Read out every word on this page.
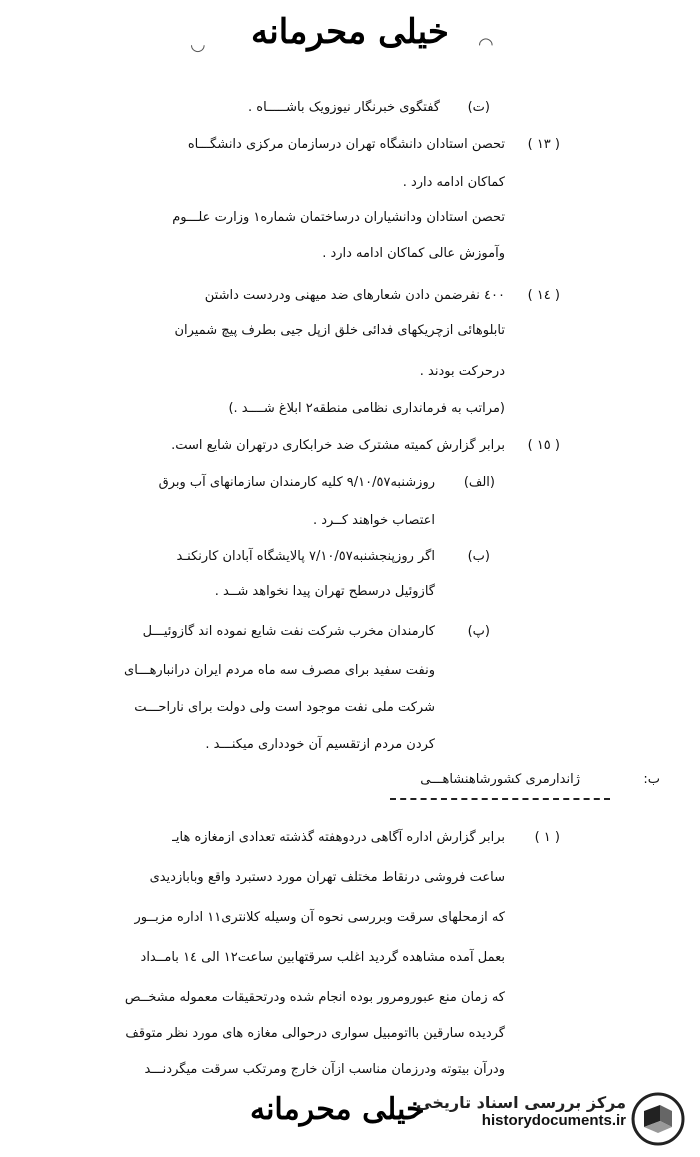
خیلی محرمانه
◡	◠
(ت)
گفتگوی خبرنگار نیوزویک باشـــــاه .
( ١٣ )
تحصن استادان دانشگاه تهران درسازمان مرکزی دانشگـــاه
کماکان ادامه دارد .
تحصن استادان ودانشیاران درساختمان شماره١ وزارت علـــوم
وآموزش عالی کماکان ادامه دارد .
( ١٤ )
٤٠٠ نفرضمن دادن شعارهای ضد میهنی ودردست داشتن
تابلوهائی ازچریکهای فدائی خلق ازپل جیی بطرف پیچ شمیران
درحرکت بودند .
(مراتب به فرمانداری نظامی منطقه٢ ابلاغ شــــد .)
( ١٥ )
برابر گزارش کمیته مشترک ضد خرابکاری درتهران شایع است.
(الف)
روزشنبه٩/١٠/٥٧ کلیه کارمندان سازمانهای آب وبرق
اعتصاب خواهند کــرد .
(ب)
اگر روزپنجشنبه٧/١٠/٥٧ پالایشگاه آبادان کارنکنـد
گازوئیل درسطح تهران پیدا نخواهد شــد .
(پ)
کارمندان مخرب شرکت نفت شایع نموده اند گازوئیـــل
ونفت سفید برای مصرف سه ماه مردم ایران درانبارهـــای
شرکت ملی نفت موجود است ولی دولت برای ناراحـــت
کردن مردم ازتقسیم آن خودداری میکنـــد .
ب:
ژاندارمری کشورشاهنشاهـــی
( ١ )
برابر گزارش اداره آگاهی دردوهفته گذشته تعدادی ازمغازه هایـ
ساعت فروشی درنقاط مختلف تهران مورد دستبرد واقع وبابازدیدی
که ازمحلهای سرقت وبررسی نحوه آن وسیله کلانتری١١ اداره مزبــور
بعمل آمده مشاهده گردید اغلب سرقتهابین ساعت١٢ الی ١٤ بامــداد
که زمان منع عبورومرور بوده انجام شده ودرتحقیقات معموله مشخــص
گردیده سارقین بااتومبیل سواری درحوالی مغازه های مورد نظر متوقف
ودرآن بیتوته ودرزمان مناسب ازآن خارج ومرتکب سرقت میگردنـــد
خیلی محرمانه
مرکز بررسی اسناد تاریخی
historydocuments.ir
